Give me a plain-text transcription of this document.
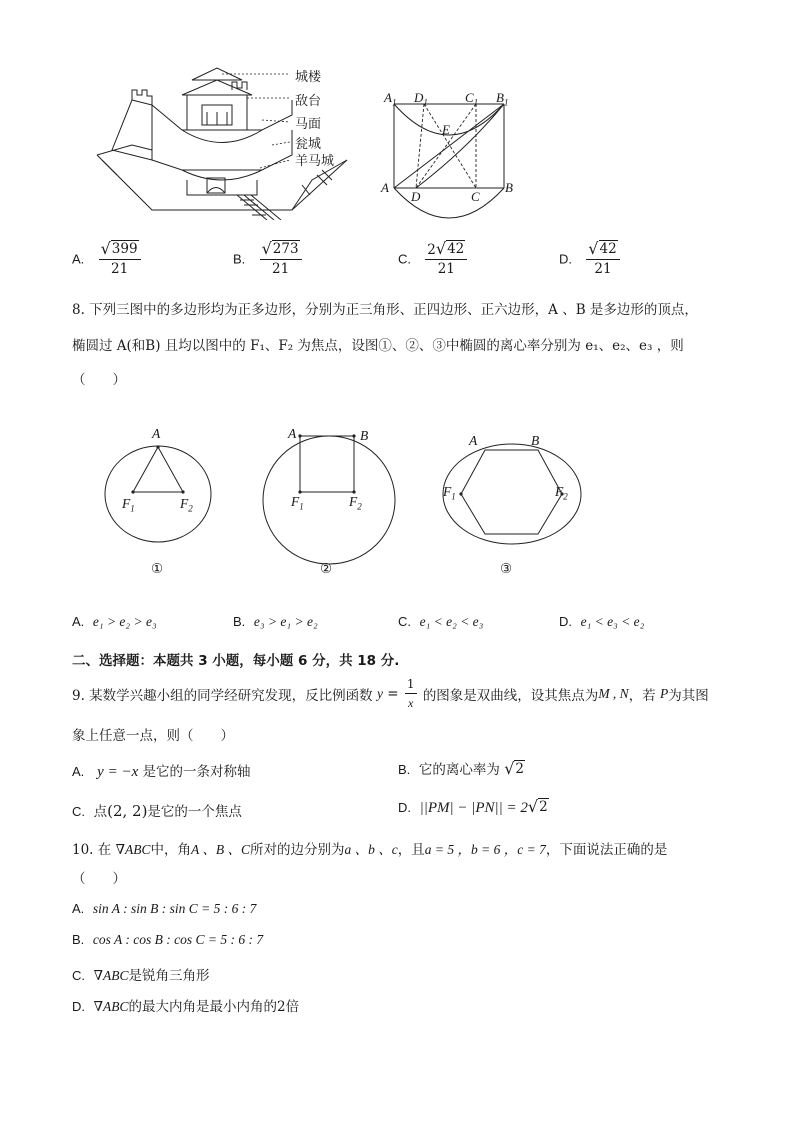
城楼
敌台
马面
瓮城
羊马城
$A_1$ $D_1$	$C_1$ $B_1$
E
A	B
D	C
A. $\frac{√ 399}{21}$	B. $\frac{√ 273}{21}$	C. $\frac{2 √ 42}{21}$	D. $\frac{√ 42}{21}$
8. 下列三图中的多边形均为正多边形，分别为正三角形、正四边形、正六边形，A 、B 是多边形的顶点，
椭圆过 A(和B) 且均以图中的 F₁、F₂ 为焦点，设图①、②、③中椭圆的离心率分别为 e₁、e₂、e₃ ，则
（　　）
A
$F_1$	$F_2$
①
A	B
$F_1$	$F_2$
②
A	B
$F_1$	$F_2$
③
A. e₁ > e₂ > e₃	B. e₃ > e₁ > e₂	C. e₁ < e₂ < e₃	D. e₁ < e₃ < e₂
二、选择题：本题共 3 小题，每小题 6 分，共 18 分.
9. 某数学兴趣小组的同学经研究发现，反比例函数 $y = \frac{1}{x}$ 的图象是双曲线，设其焦点为M , N，若 P为其图
象上任意一点，则（　　）
A. y = −x 是它的一条对称轴	B. 它的离心率为 √ 2
C. 点(2, 2)是它的一个焦点	D. ||PM| − |PN|| = 2 √ 2
10. 在 ∇ABC中，角A 、B 、C所对的边分别为a 、b 、c，且a = 5 ，b = 6 ，c = 7，下面说法正确的是
（　　）
A. sin A : sin B : sin C = 5 : 6 : 7
B. cos A : cos B : cos C = 5 : 6 : 7
C. ∇ABC是锐角三角形
D. ∇ABC的最大内角是最小内角的2倍
